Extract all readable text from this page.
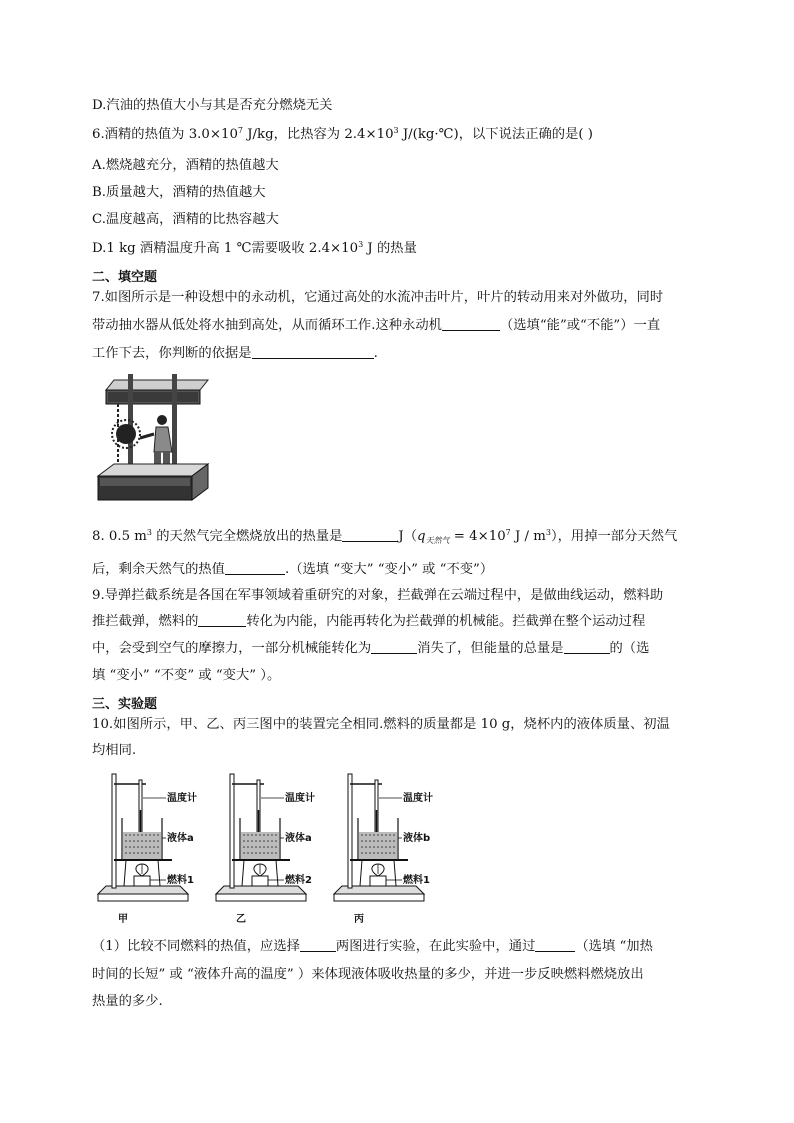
D.汽油的热值大小与其是否充分燃烧无关
6.酒精的热值为 $3.0\times 10^7$ J/kg，比热容为 $2.4\times 10^3$ J/(kg·℃)，以下说法正确的是( )
A.燃烧越充分，酒精的热值越大
B.质量越大，酒精的热值越大
C.温度越高，酒精的比热容越大
D.1 kg 酒精温度升高 1 ℃需要吸收 $2.4\times 10^3$ J 的热量
二、填空题
7.如图所示是一种设想中的永动机，它通过高处的水流冲击叶片，叶片的转动用来对外做功，同时
带动抽水器从低处将水抽到高处，从而循环工作.这种永动机	（选填“能”或“不能”）一直
工作下去，你判断的依据是	.
8. 0.5 $m^3$ 的天然气完全燃烧放出的热量是	$J(q_{天然气} = 4\times 10^7$ J / $m^3$），用掉一部分天然气
后，剩余天然气的热值	.（选填 “变大” “变小” 或 “不变”）
9.导弹拦截系统是各国在军事领域着重研究的对象，拦截弹在云端过程中，是做曲线运动，燃料助
推拦截弹，燃料的	转化为内能，内能再转化为拦截弹的机械能。拦截弹在整个运动过程
中，会受到空气的摩擦力，一部分机械能转化为	消失了，但能量的总量是	的（选
填 “变小” “不变” 或 “变大” ）。
三、实验题
10.如图所示，甲、乙、丙三图中的装置完全相同.燃料的质量都是 10 g，烧杯内的液体质量、初温
均相同.
温度计
液体a
燃料1
甲
温度计
液体a
燃料2
乙
温度计
液体b
燃料1
丙
（1）比较不同燃料的热值，应选择	两图进行实验，在此实验中，通过	（选填 “加热
时间的长短” 或 “液体升高的温度” ）来体现液体吸收热量的多少，并进一步反映燃料燃烧放出
热量的多少.
